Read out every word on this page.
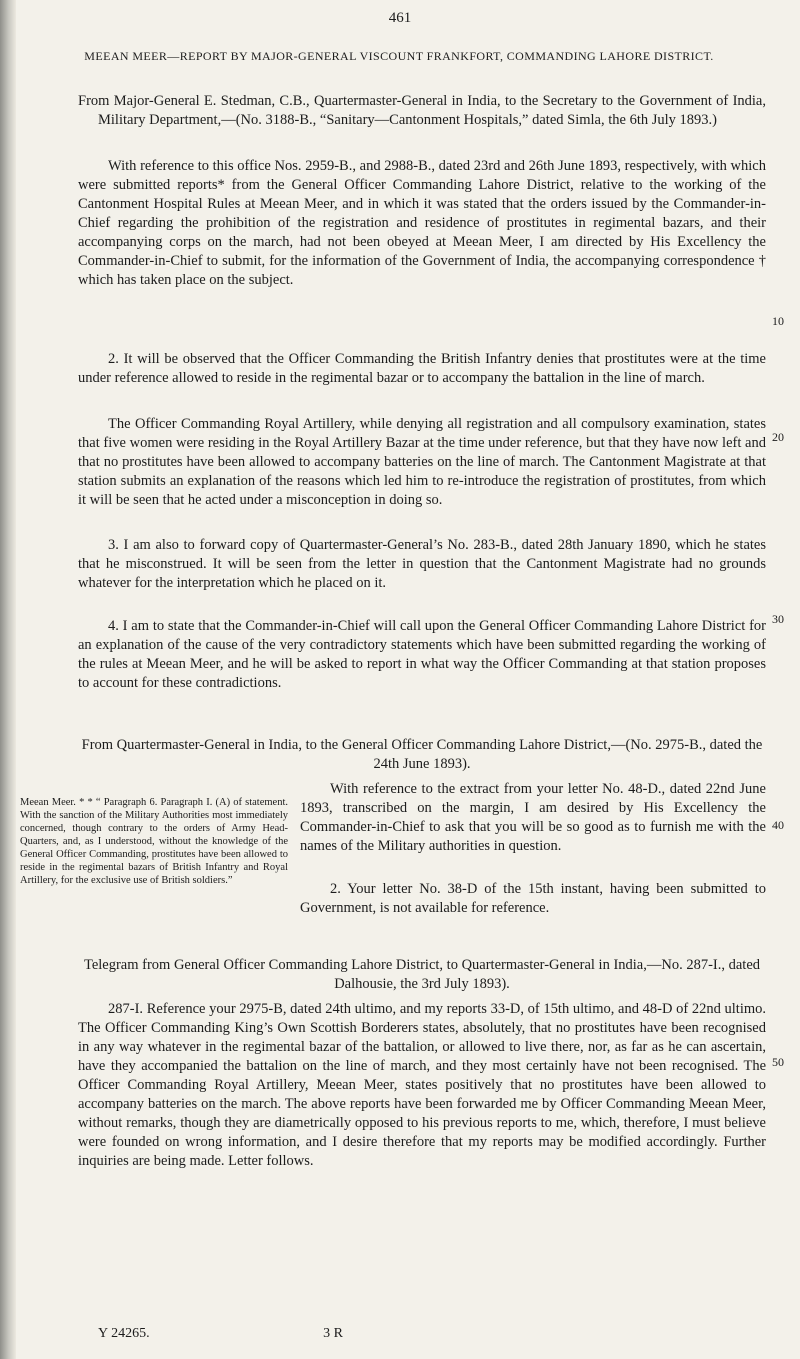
461
MEEAN MEER—REPORT BY MAJOR-GENERAL VISCOUNT FRANKFORT, COMMANDING LAHORE DISTRICT.
From Major-General E. Stedman, C.B., Quartermaster-General in India, to the Secretary to the Government of India, Military Department,—(No. 3188-B., “Sanitary—Cantonment Hospitals,” dated Simla, the 6th July 1893.)
With reference to this office Nos. 2959-B., and 2988-B., dated 23rd and 26th June 1893, respectively, with which were submitted reports* from the General Officer Commanding Lahore District, relative to the working of the Cantonment Hospital Rules at Meean Meer, and in which it was stated that the orders issued by the Commander-in-Chief regarding the prohibition of the registration and residence of prostitutes in regimental bazars, and their accompanying corps on the march, had not been obeyed at Meean Meer, I am directed by His Excellency the Commander-in-Chief to submit, for the information of the Government of India, the accompanying correspondence † which has taken place on the subject.
2. It will be observed that the Officer Commanding the British Infantry denies that prostitutes were at the time under reference allowed to reside in the regimental bazar or to accompany the battalion in the line of march.
The Officer Commanding Royal Artillery, while denying all registration and all compulsory examination, states that five women were residing in the Royal Artillery Bazar at the time under reference, but that they have now left and that no prostitutes have been allowed to accompany batteries on the line of march. The Cantonment Magistrate at that station submits an explanation of the reasons which led him to re-introduce the registration of prostitutes, from which it will be seen that he acted under a misconception in doing so.
3. I am also to forward copy of Quartermaster-General’s No. 283-B., dated 28th January 1890, which he states that he misconstrued. It will be seen from the letter in question that the Cantonment Magistrate had no grounds whatever for the interpretation which he placed on it.
4. I am to state that the Commander-in-Chief will call upon the General Officer Commanding Lahore District for an explanation of the cause of the very contradictory statements which have been submitted regarding the working of the rules at Meean Meer, and he will be asked to report in what way the Officer Commanding at that station proposes to account for these contradictions.
From Quartermaster-General in India, to the General Officer Commanding Lahore District,—(No. 2975-B., dated the 24th June 1893).
With reference to the extract from your letter No. 48-D., dated 22nd June 1893, transcribed on the margin, I am desired by His Excellency the Commander-in-Chief to ask that you will be so good as to furnish me with the names of the Military authorities in question.
2. Your letter No. 38-D of the 15th instant, having been submitted to Government, is not available for reference.
Meean Meer. * * “ Paragraph 6. Paragraph I. (A) of statement. With the sanction of the Military Authorities most immediately concerned, though contrary to the orders of Army Head-Quarters, and, as I understood, without the knowledge of the General Officer Commanding, prostitutes have been allowed to reside in the regimental bazars of British Infantry and Royal Artillery, for the exclusive use of British soldiers.”
Telegram from General Officer Commanding Lahore District, to Quartermaster-General in India,—No. 287-I., dated Dalhousie, the 3rd July 1893).
287-I. Reference your 2975-B, dated 24th ultimo, and my reports 33-D, of 15th ultimo, and 48-D of 22nd ultimo. The Officer Commanding King’s Own Scottish Borderers states, absolutely, that no prostitutes have been recognised in any way whatever in the regimental bazar of the battalion, or allowed to live there, nor, as far as he can ascertain, have they accompanied the battalion on the line of march, and they most certainly have not been recognised. The Officer Commanding Royal Artillery, Meean Meer, states positively that no prostitutes have been allowed to accompany batteries on the march. The above reports have been forwarded me by Officer Commanding Meean Meer, without remarks, though they are diametrically opposed to his previous reports to me, which, therefore, I must believe were founded on wrong information, and I desire therefore that my reports may be modified accordingly. Further inquiries are being made. Letter follows.
10
20
30
40
50
Y 24265.	3 R
